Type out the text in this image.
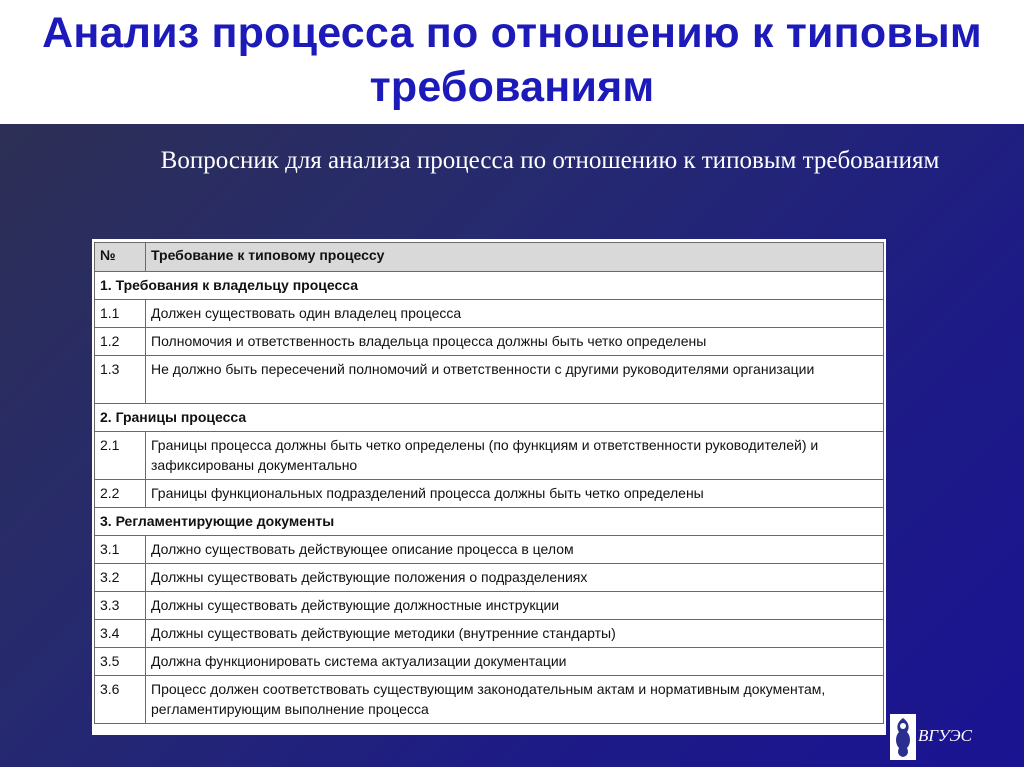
Анализ процесса по отношению к типовым требованиям
Вопросник для анализа процесса по отношению к типовым требованиям
№	Требование к типовому процессу
1. Требования к владельцу процесса	
1.1	Должен существовать один владелец процесса
1.2	Полномочия и ответственность владельца процесса должны быть четко определены
1.3	Не должно быть пересечений полномочий и ответственности с другими руководителями организации
2. Границы процесса	
2.1	Границы процесса должны быть четко определены (по функциям и ответственности руководителей) и зафиксированы документально
2.2	Границы функциональных подразделений процесса должны быть четко определены
3. Регламентирующие документы	
3.1	Должно существовать действующее описание процесса в целом
3.2	Должны существовать действующие положения о подразделениях
3.3	Должны существовать действующие должностные инструкции
3.4	Должны существовать действующие методики (внутренние стандарты)
3.5	Должна функционировать система актуализации документации
3.6	Процесс должен соответствовать существующим законодательным актам и нормативным документам, регламентирующим выполнение процесса
ВГУЭС
